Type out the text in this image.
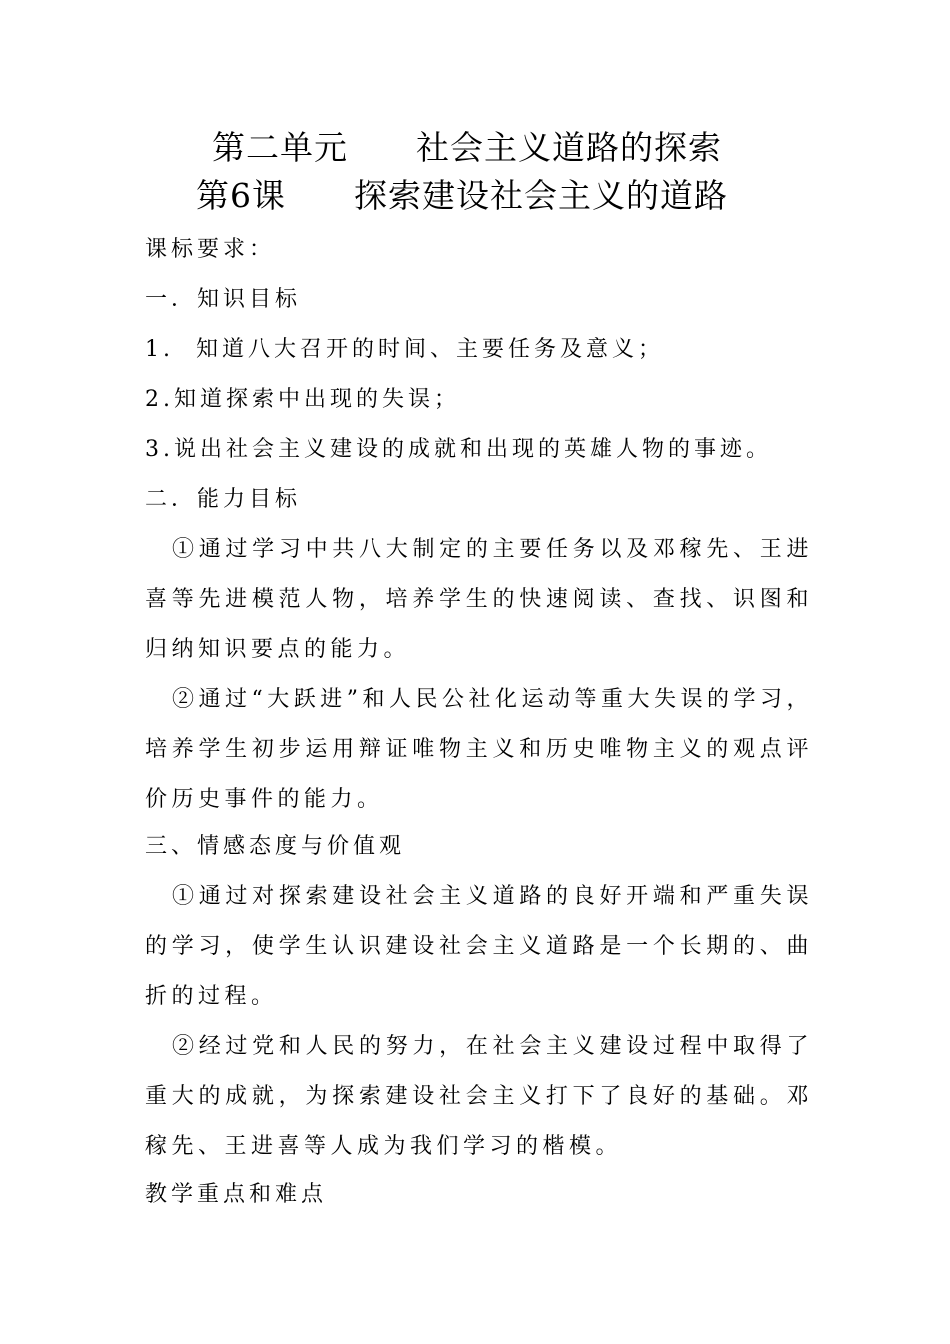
第二单元　　社会主义道路的探索
第6课　　探索建设社会主义的道路
课标要求：
一．知识目标
1.  知道八大召开的时间、主要任务及意义；
2.知道探索中出现的失误；
3.说出社会主义建设的成就和出现的英雄人物的事迹。
二．能力目标
①通过学习中共八大制定的主要任务以及邓稼先、王进喜等先进模范人物，培养学生的快速阅读、查找、识图和归纳知识要点的能力。
②通过“大跃进”和人民公社化运动等重大失误的学习，培养学生初步运用辩证唯物主义和历史唯物主义的观点评价历史事件的能力。
三、情感态度与价值观
①通过对探索建设社会主义道路的良好开端和严重失误的学习，使学生认识建设社会主义道路是一个长期的、曲折的过程。
②经过党和人民的努力，在社会主义建设过程中取得了重大的成就，为探索建设社会主义打下了良好的基础。邓稼先、王进喜等人成为我们学习的楷模。
教学重点和难点
